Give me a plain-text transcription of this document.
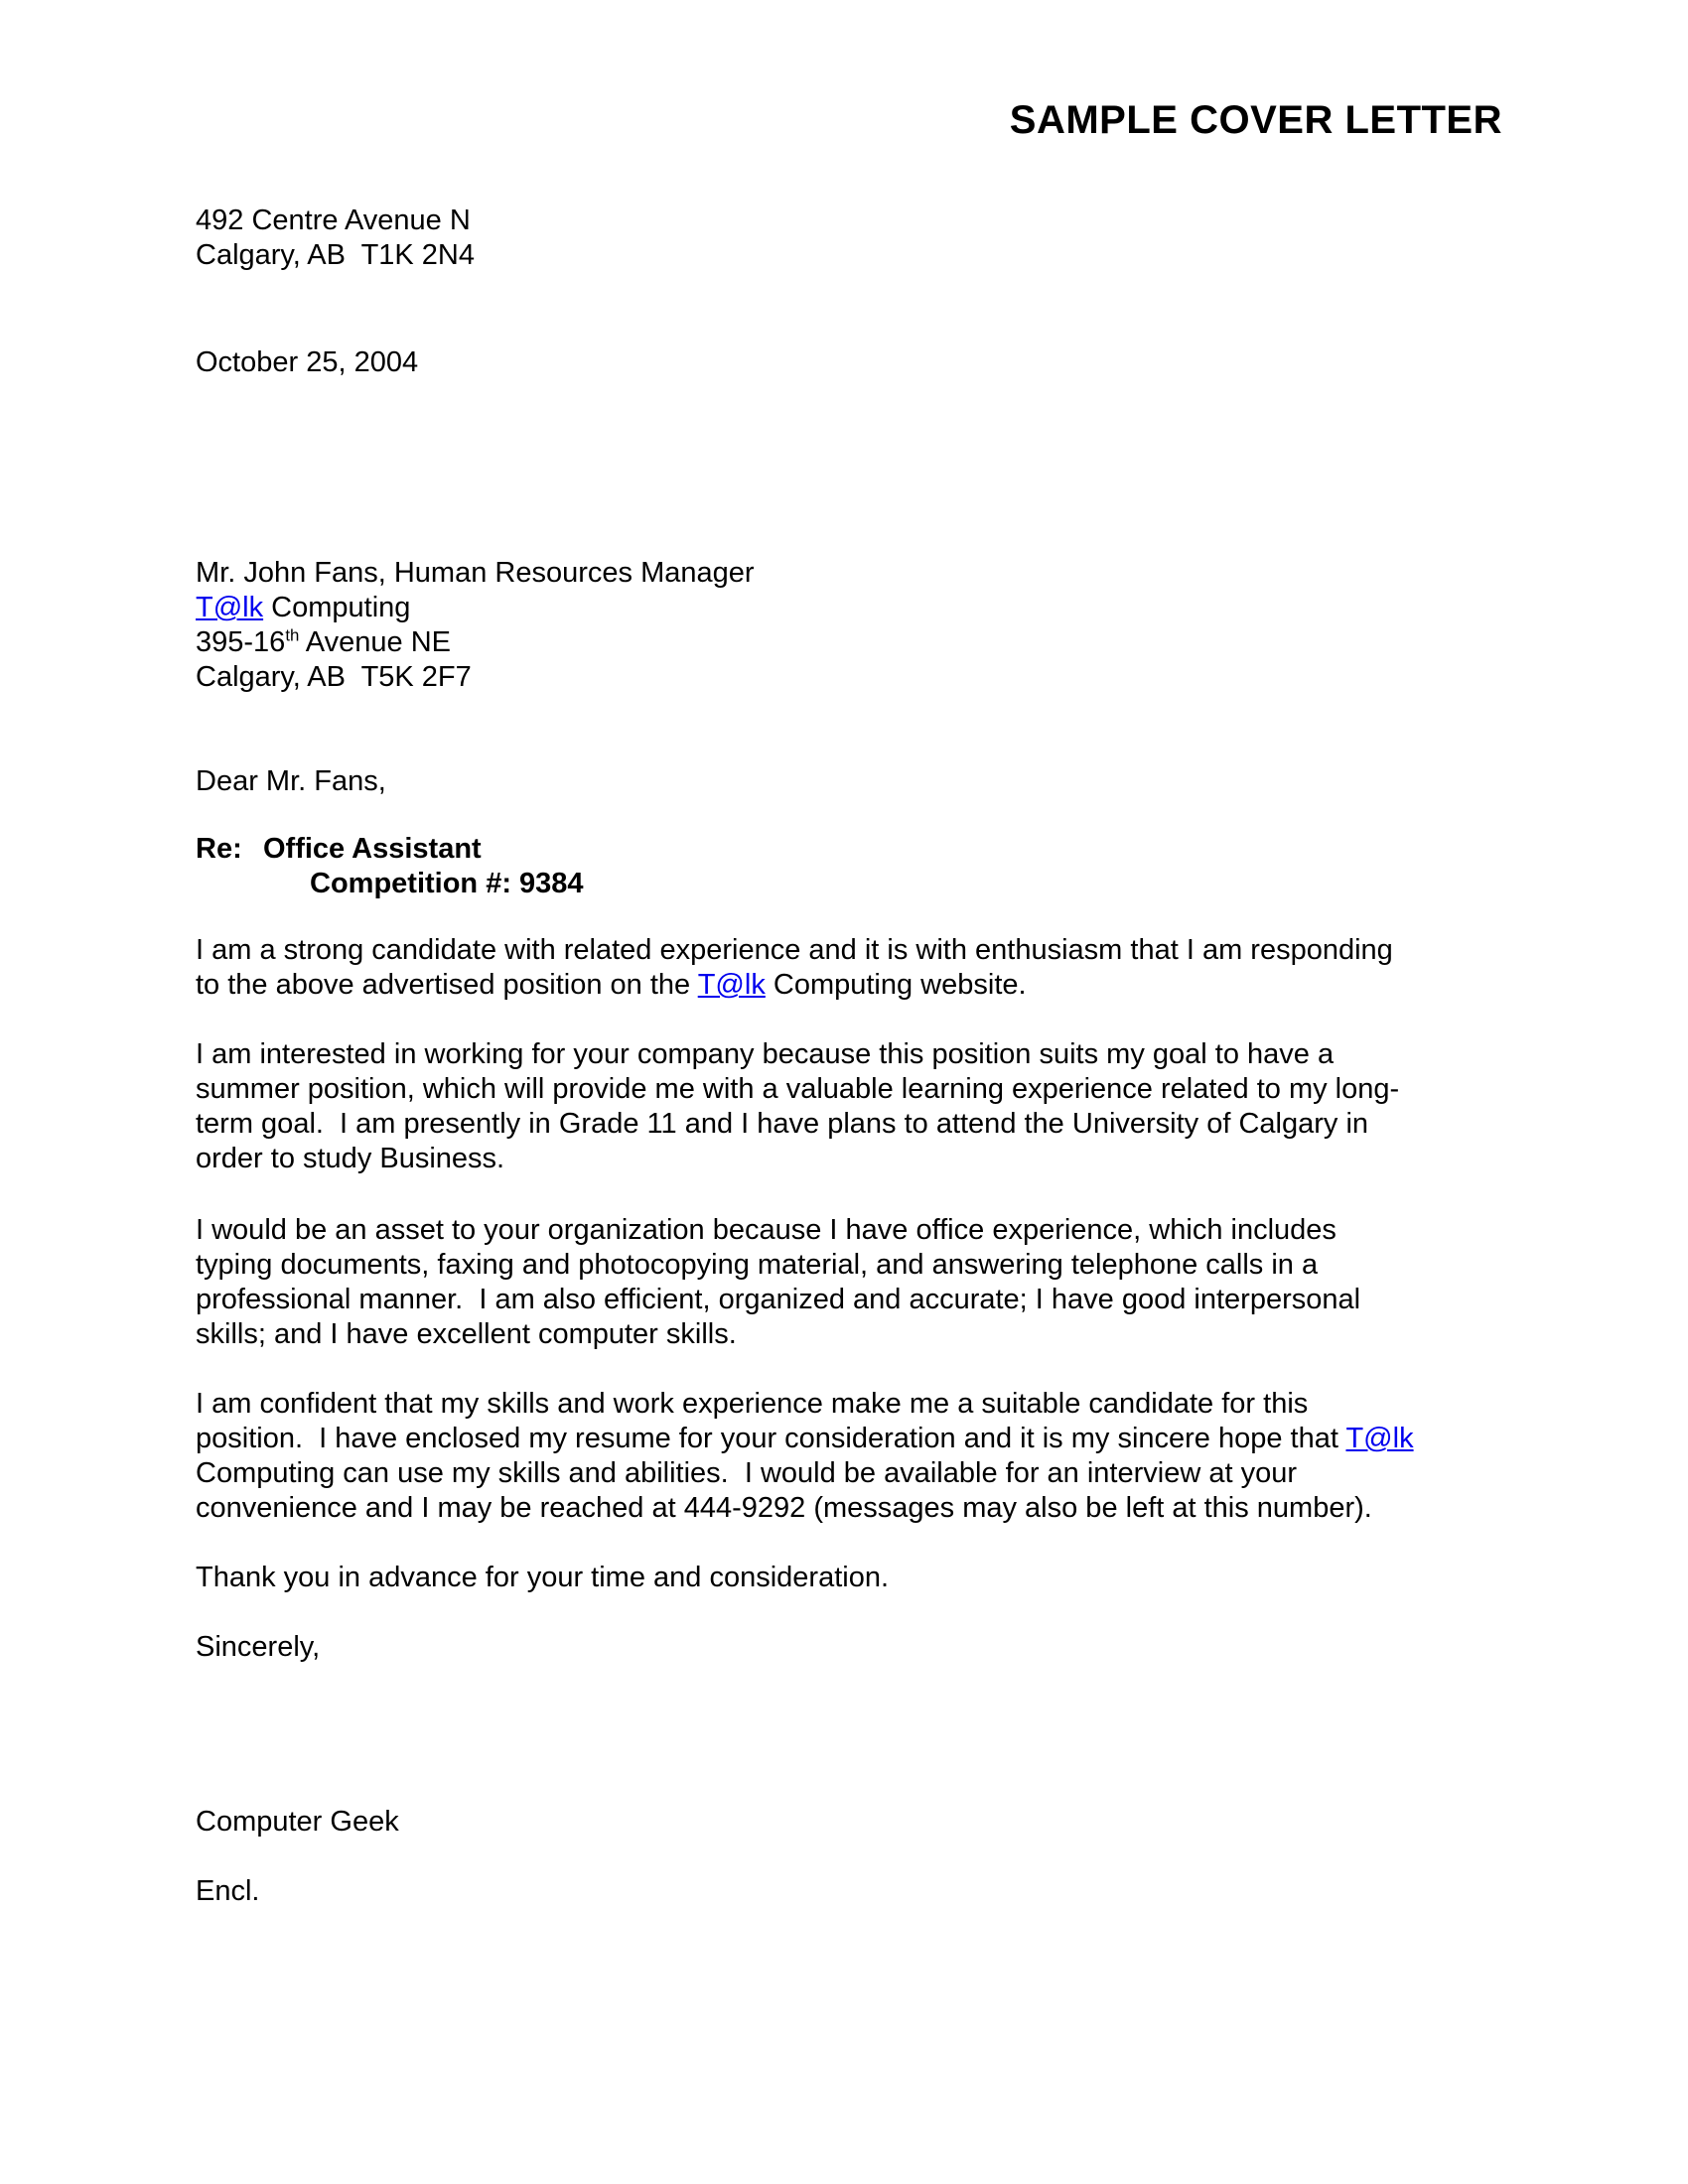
SAMPLE COVER LETTER
492 Centre Avenue N
Calgary, AB  T1K 2N4
October 25, 2004
Mr. John Fans, Human Resources Manager
T@lk Computing
395-16th Avenue NE
Calgary, AB  T5K 2F7
Dear Mr. Fans,
Re: Office Assistant
Competition #: 9384
I am a strong candidate with related experience and it is with enthusiasm that I am responding
to the above advertised position on the T@lk Computing website.
I am interested in working for your company because this position suits my goal to have a
summer position, which will provide me with a valuable learning experience related to my long-
term goal.  I am presently in Grade 11 and I have plans to attend the University of Calgary in
order to study Business.
I would be an asset to your organization because I have office experience, which includes
typing documents, faxing and photocopying material, and answering telephone calls in a
professional manner.  I am also efficient, organized and accurate; I have good interpersonal
skills; and I have excellent computer skills.
I am confident that my skills and work experience make me a suitable candidate for this
position.  I have enclosed my resume for your consideration and it is my sincere hope that T@lk
Computing can use my skills and abilities.  I would be available for an interview at your
convenience and I may be reached at 444-9292 (messages may also be left at this number).
Thank you in advance for your time and consideration.
Sincerely,
Computer Geek
Encl.
